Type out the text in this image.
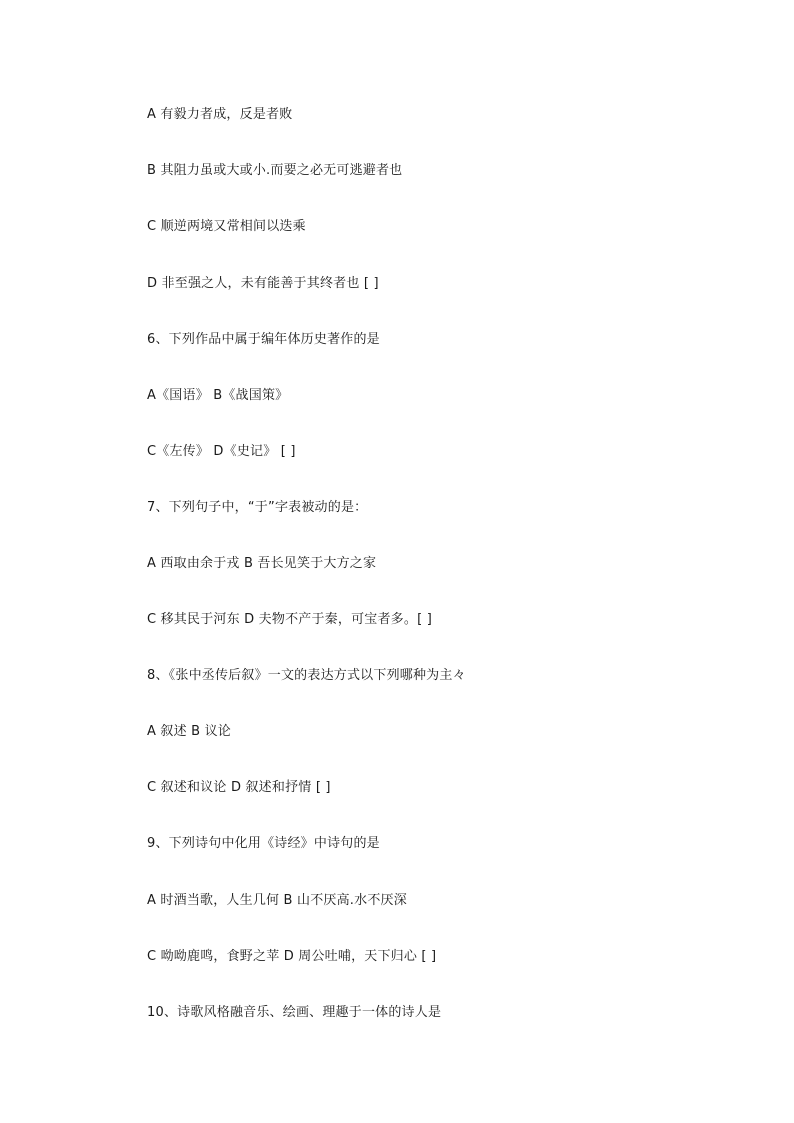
A 有毅力者成，反是者败
B 其阻力虽或大或小.而要之必无可逃避者也
C 顺逆两境又常相间以迭乘
D 非至强之人，未有能善于其终者也 [ ]
6、下列作品中属于编年体历史著作的是
A《国语》 B《战国策》
C《左传》 D《史记》 [ ]
7、下列句子中，“于”字表被动的是：
A 西取由余于戎 B 吾长见笑于大方之家
C 移其民于河东 D 夫物不产于秦，可宝者多。[ ]
8、《张中丞传后叙》一文的表达方式以下列哪种为主々
A 叙述 B 议论
C 叙述和议论 D 叙述和抒情 [ ]
9、下列诗句中化用《诗经》中诗句的是
A 时酒当歌，人生几何 B 山不厌高.水不厌深
C 呦呦鹿鸣，食野之苹 D 周公吐哺，天下归心 [ ]
10、诗歌风格融音乐、绘画、理趣于一体的诗人是
